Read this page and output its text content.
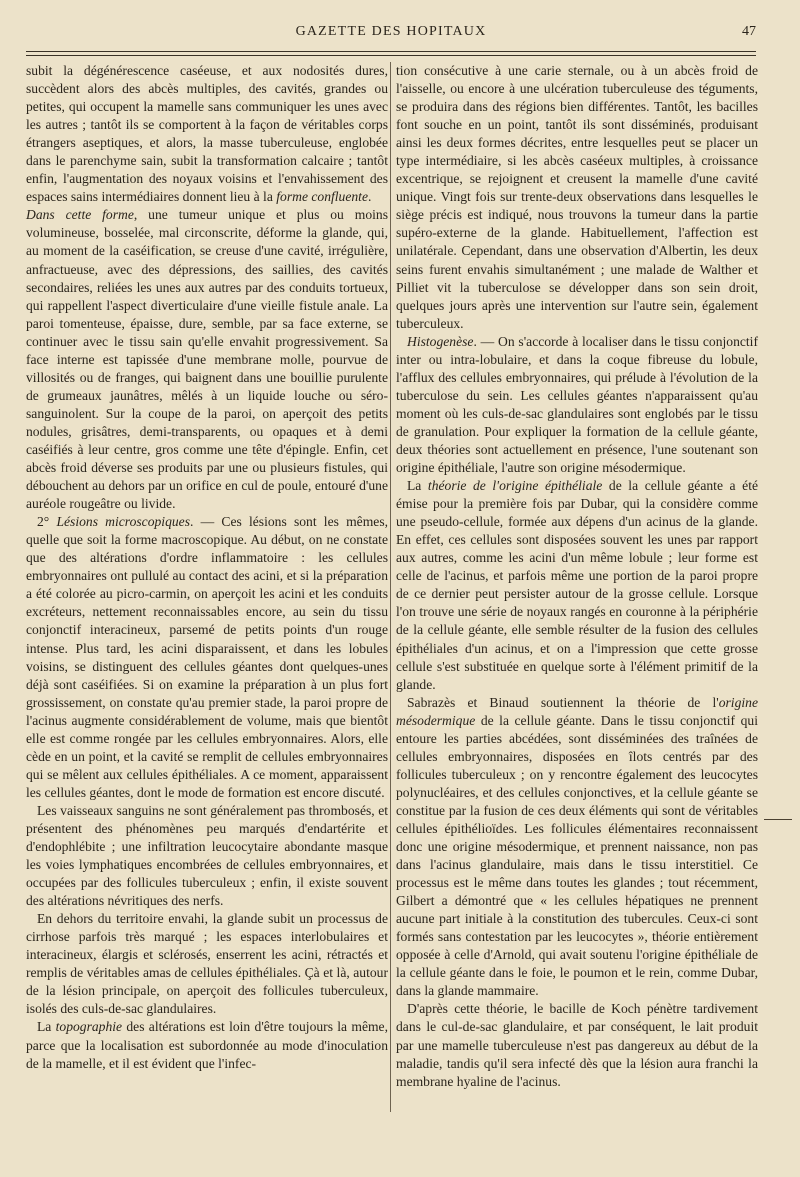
GAZETTE DES HOPITAUX	47

subit la dégénérescence caséeuse, et aux nodosités dures, succèdent alors des abcès multiples, des cavités, grandes ou petites, qui occupent la mamelle sans communiquer les unes avec les autres ; tantôt ils se comportent à la façon de véritables corps étrangers aseptiques, et alors, la masse tuberculeuse, englobée dans le parenchyme sain, subit la transformation calcaire ; tantôt enfin, l'augmentation des noyaux voisins et l'envahissement des espaces sains intermédiaires donnent lieu à la forme confluente.

Dans cette forme, une tumeur unique et plus ou moins volumineuse, bosselée, mal circonscrite, déforme la glande, qui, au moment de la caséification, se creuse d'une cavité, irrégulière, anfractueuse, avec des dépressions, des saillies, des cavités secondaires, reliées les unes aux autres par des conduits tortueux, qui rappellent l'aspect diverticulaire d'une vieille fistule anale. La paroi tomenteuse, épaisse, dure, semble, par sa face externe, se continuer avec le tissu sain qu'elle envahit progressivement. Sa face interne est tapissée d'une membrane molle, pourvue de villosités ou de franges, qui baignent dans une bouillie purulente de grumeaux jaunâtres, mêlés à un liquide louche ou séro-sanguinolent. Sur la coupe de la paroi, on aperçoit des petits nodules, grisâtres, demi-transparents, ou opaques et à demi caséifiés à leur centre, gros comme une tête d'épingle. Enfin, cet abcès froid déverse ses produits par une ou plusieurs fistules, qui débouchent au dehors par un orifice en cul de poule, entouré d'une auréole rougeâtre ou livide.

2° Lésions microscopiques. — Ces lésions sont les mêmes, quelle que soit la forme macroscopique. Au début, on ne constate que des altérations d'ordre inflammatoire : les cellules embryonnaires ont pullulé au contact des acini, et si la préparation a été colorée au picro-carmin, on aperçoit les acini et les conduits excréteurs, nettement reconnaissables encore, au sein du tissu conjonctif interacineux, parsemé de petits points d'un rouge intense. Plus tard, les acini disparaissent, et dans les lobules voisins, se distinguent des cellules géantes dont quelques-unes déjà sont caséifiées. Si on examine la préparation à un plus fort grossissement, on constate qu'au premier stade, la paroi propre de l'acinus augmente considérablement de volume, mais que bientôt elle est comme rongée par les cellules embryonnaires. Alors, elle cède en un point, et la cavité se remplit de cellules embryonnaires qui se mêlent aux cellules épithéliales. A ce moment, apparaissent les cellules géantes, dont le mode de formation est encore discuté.

Les vaisseaux sanguins ne sont généralement pas thrombosés, et présentent des phénomènes peu marqués d'endartérite et d'endophlébite ; une infiltration leucocytaire abondante masque les voies lymphatiques encombrées de cellules embryonnaires, et occupées par des follicules tuberculeux ; enfin, il existe souvent des altérations névritiques des nerfs.

En dehors du territoire envahi, la glande subit un processus de cirrhose parfois très marqué ; les espaces interlobulaires et interacineux, élargis et sclérosés, enserrent les acini, rétractés et remplis de véritables amas de cellules épithéliales. Çà et là, autour de la lésion principale, on aperçoit des follicules tuberculeux, isolés des culs-de-sac glandulaires.

La topographie des altérations est loin d'être toujours la même, parce que la localisation est subordonnée au mode d'inoculation de la mamelle, et il est évident que l'infec-

tion consécutive à une carie sternale, ou à un abcès froid de l'aisselle, ou encore à une ulcération tuberculeuse des téguments, se produira dans des régions bien différentes. Tantôt, les bacilles font souche en un point, tantôt ils sont disséminés, produisant ainsi les deux formes décrites, entre lesquelles peut se placer un type intermédiaire, si les abcès caséeux multiples, à croissance excentrique, se rejoignent et creusent la mamelle d'une cavité unique. Vingt fois sur trente-deux observations dans lesquelles le siège précis est indiqué, nous trouvons la tumeur dans la partie supéro-externe de la glande. Habituellement, l'affection est unilatérale. Cependant, dans une observation d'Albertin, les deux seins furent envahis simultanément ; une malade de Walther et Pilliet vit la tuberculose se développer dans son sein droit, quelques jours après une intervention sur l'autre sein, également tuberculeux.

Histogenèse. — On s'accorde à localiser dans le tissu conjonctif inter ou intra-lobulaire, et dans la coque fibreuse du lobule, l'afflux des cellules embryonnaires, qui prélude à l'évolution de la tuberculose du sein. Les cellules géantes n'apparaissent qu'au moment où les culs-de-sac glandulaires sont englobés par le tissu de granulation. Pour expliquer la formation de la cellule géante, deux théories sont actuellement en présence, l'une soutenant son origine épithéliale, l'autre son origine mésodermique.

La théorie de l'origine épithéliale de la cellule géante a été émise pour la première fois par Dubar, qui la considère comme une pseudo-cellule, formée aux dépens d'un acinus de la glande. En effet, ces cellules sont disposées souvent les unes par rapport aux autres, comme les acini d'un même lobule ; leur forme est celle de l'acinus, et parfois même une portion de la paroi propre de ce dernier peut persister autour de la grosse cellule. Lorsque l'on trouve une série de noyaux rangés en couronne à la périphérie de la cellule géante, elle semble résulter de la fusion des cellules épithéliales d'un acinus, et on a l'impression que cette grosse cellule s'est substituée en quelque sorte à l'élément primitif de la glande.

Sabrazès et Binaud soutiennent la théorie de l'origine mésodermique de la cellule géante. Dans le tissu conjonctif qui entoure les parties abcédées, sont disséminées des traînées de cellules embryonnaires, disposées en îlots centrés par des follicules tuberculeux ; on y rencontre également des leucocytes polynucléaires, et des cellules conjonctives, et la cellule géante se constitue par la fusion de ces deux éléments qui sont de véritables cellules épithélioïdes. Les follicules élémentaires reconnaissent donc une origine mésodermique, et prennent naissance, non pas dans l'acinus glandulaire, mais dans le tissu interstitiel. Ce processus est le même dans toutes les glandes ; tout récemment, Gilbert a démontré que « les cellules hépatiques ne prennent aucune part initiale à la constitution des tubercules. Ceux-ci sont formés sans contestation par les leucocytes », théorie entièrement opposée à celle d'Arnold, qui avait soutenu l'origine épithéliale de la cellule géante dans le foie, le poumon et le rein, comme Dubar, dans la glande mammaire.

D'après cette théorie, le bacille de Koch pénètre tardivement dans le cul-de-sac glandulaire, et par conséquent, le lait produit par une mamelle tuberculeuse n'est pas dangereux au début de la maladie, tandis qu'il sera infecté dès que la lésion aura franchi la membrane hyaline de l'acinus.
